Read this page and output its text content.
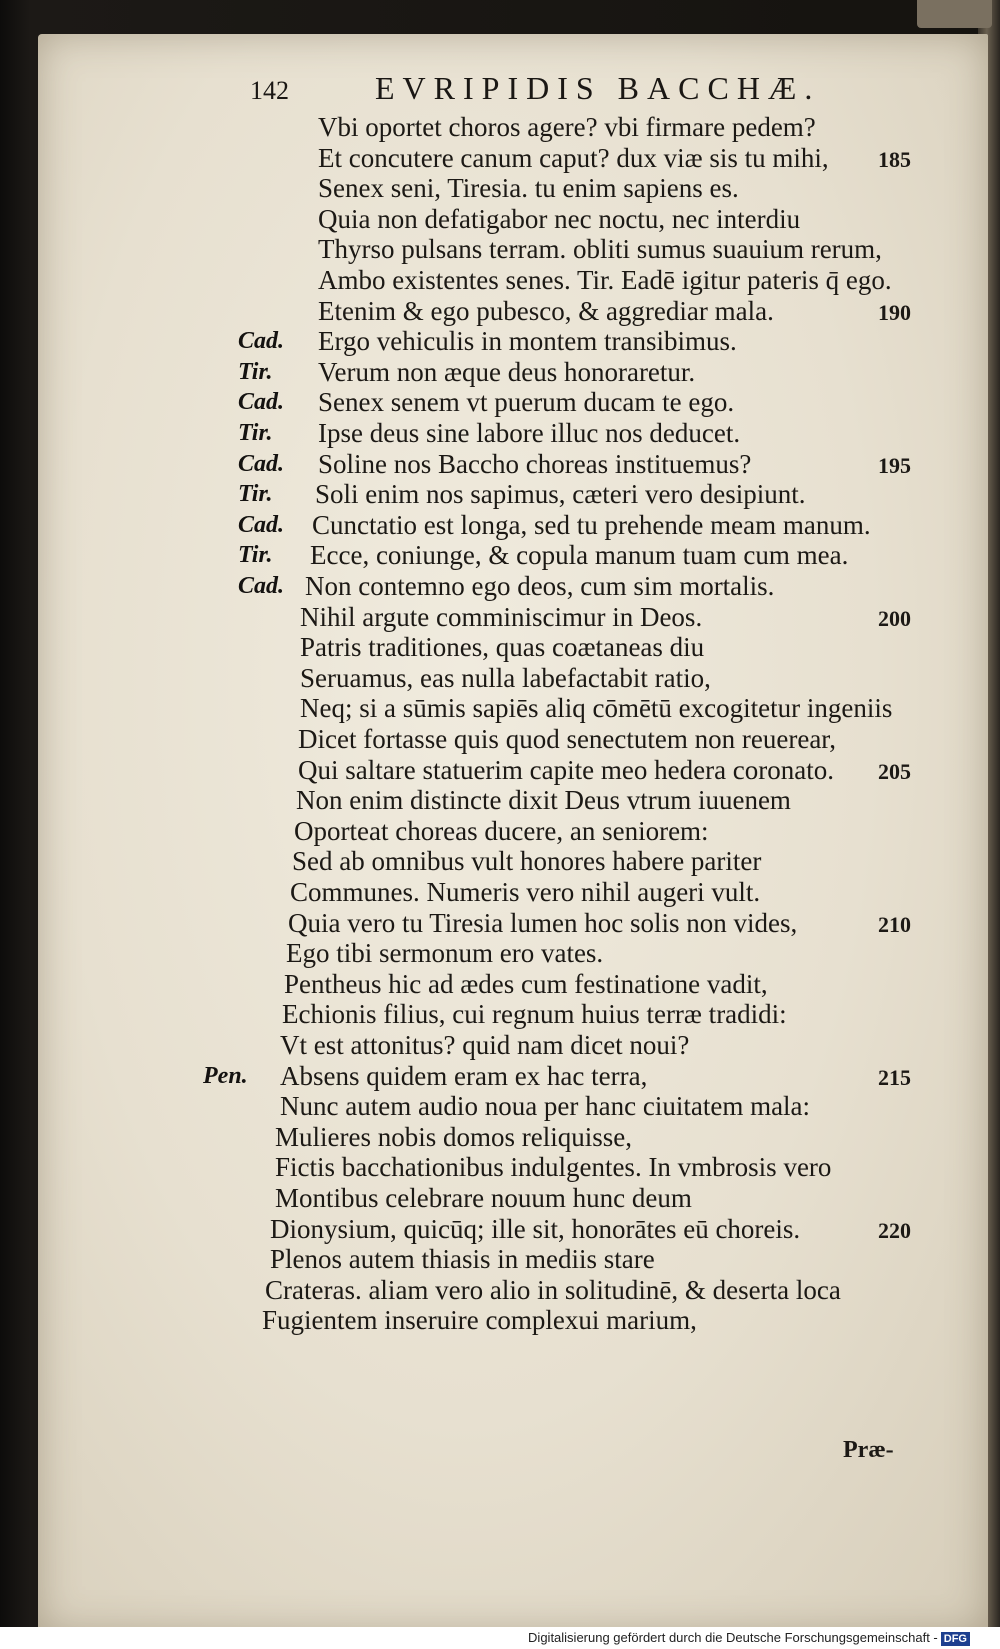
142	EVRIPIDIS BACCHÆ.
Vbi oportet choros agere? vbi firmare pedem?
Et concutere canum caput? dux viæ sis tu mihi, 185
Senex seni, Tiresia. tu enim sapiens es.
Quia non defatigabor nec noctu, nec interdiu
Thyrso pulsans terram. obliti sumus suauium rerum,
Ambo existentes senes. Tir. Eadē igitur pateris q̄ ego.
Etenim & ego pubesco, & aggrediar mala.	190
Cad. Ergo vehiculis in montem transibimus.
Tir. Verum non æque deus honoraretur.
Cad. Senex senem vt puerum ducam te ego.
Tir. Ipse deus sine labore illuc nos deducet.
Cad. Soline nos Baccho choreas instituemus?	195
Tir. Soli enim nos sapimus, cæteri vero desipiunt.
Cad. Cunctatio est longa, sed tu prehende meam manum.
Tir. Ecce, coniunge, & copula manum tuam cum mea.
Cad. Non contemno ego deos, cum sim mortalis.
Nihil argute comminiscimur in Deos.	200
Patris traditiones, quas coætaneas diu
Seruamus, eas nulla labefactabit ratio,
Neq; si a sūmis sapiēs aliq cōmētū excogitetur ingeniis
Dicet fortasse quis quod senectutem non reuerear,
Qui saltare statuerim capite meo hedera coronato. 205
Non enim distincte dixit Deus vtrum iuuenem
Oporteat choreas ducere, an seniorem:
Sed ab omnibus vult honores habere pariter
Communes. Numeris vero nihil augeri vult.
Quia vero tu Tiresia lumen hoc solis non vides,	210
Ego tibi sermonum ero vates.
Pentheus hic ad ædes cum festinatione vadit,
Echionis filius, cui regnum huius terræ tradidi:
Vt est attonitus? quid nam dicet noui?
Pen. Absens quidem eram ex hac terra,	215
Nunc autem audio noua per hanc ciuitatem mala:
Mulieres nobis domos reliquisse,
Fictis bacchationibus indulgentes. In vmbrosis vero
Montibus celebrare nouum hunc deum
Dionysium, quicūq; ille sit, honorātes eū choreis.	220
Plenos autem thiasis in mediis stare
Crateras. aliam vero alio in solitudinē, & deserta loca
Fugientem inseruire complexui marium,
Præ-
Digitalisierung gefördert durch die Deutsche Forschungsgemeinschaft - DFG
